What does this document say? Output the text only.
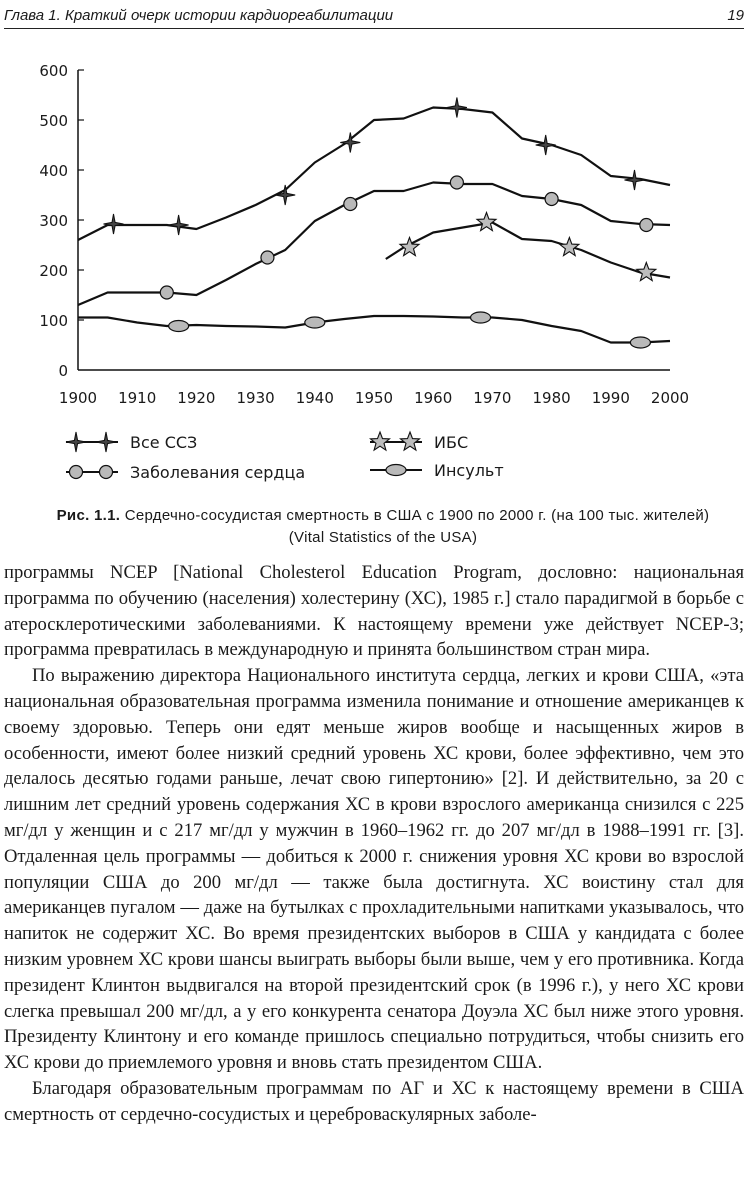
Глава 1. Краткий очерк истории кардиореабилитации	19
0
100
200
300
400
500
600
1900 1910 1920 1930 1940 1950 1960 1970 1980 1990 2000
Все ССЗ
Заболевания сердца
ИБС
Инсульт
Рис. 1.1. Сердечно-сосудистая смертность в США с 1900 по 2000 г. (на 100 тыс. жителей)
(Vital Statistics of the USA)

программы NCEP [National Cholesterol Education Program, дословно: национальная программа по обучению (населения) холестерину (ХС), 1985 г.] стало парадигмой в борьбе с атеросклеротическими заболеваниями. К настоящему времени уже действует NCEP-3; программа превратилась в международную и принята большинством стран мира.

По выражению директора Национального института сердца, легких и крови США, «эта национальная образовательная программа изменила понимание и отношение американцев к своему здоровью. Теперь они едят меньше жиров вообще и насыщенных жиров в особенности, имеют более низкий средний уровень ХС крови, более эффективно, чем это делалось десятью годами раньше, лечат свою гипертонию» [2]. И действительно, за 20 с лишним лет средний уровень содержания ХС в крови взрослого американца снизился с 225 мг/дл у женщин и с 217 мг/дл у мужчин в 1960–1962 гг. до 207 мг/дл в 1988–1991 гг. [3]. Отдаленная цель программы — добиться к 2000 г. снижения уровня ХС крови во взрослой популяции США до 200 мг/дл — также была достигнута. ХС воистину стал для американцев пугалом — даже на бутылках с прохладительными напитками указывалось, что напиток не содержит ХС. Во время президентских выборов в США у кандидата с более низким уровнем ХС крови шансы выиграть выборы были выше, чем у его противника. Когда президент Клинтон выдвигался на второй президентский срок (в 1996 г.), у него ХС крови слегка превышал 200 мг/дл, а у его конкурента сенатора Доуэла ХС был ниже этого уровня. Президенту Клинтону и его команде пришлось специально потрудиться, чтобы снизить его ХС крови до приемлемого уровня и вновь стать президентом США.

Благодаря образовательным программам по АГ и ХС к настоящему времени в США смертность от сердечно-сосудистых и цереброваскулярных заболе-
